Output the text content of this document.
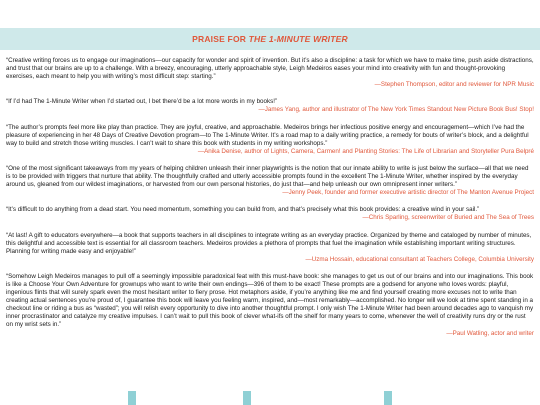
PRAISE FOR
THE 1-MINUTE WRITER

“Creative writing forces us to engage our imaginations—our capacity for wonder and spirit of invention. But it’s also a discipline: a task for which we have to make time, push aside distractions, and trust that our brains are up to a challenge. With a breezy, encouraging, utterly approachable style, Leigh Medeiros eases your mind into creativity with fun and thought-provoking exercises, each meant to help you with writing’s most difficult step: starting.”

—Stephen Thompson, editor and reviewer for NPR Music

“If I’d had The 1-Minute Writer when I’d started out, I bet there’d be a lot more words in my books!”

—James Yang, author and illustrator of The New York Times Standout New Picture Book Bus! Stop!

“The author’s prompts feel more like play than practice. They are joyful, creative, and approachable. Medeiros brings her infectious positive energy and encouragement—which I’ve had the pleasure of experiencing in her 48 Days of Creative Devotion program—to The 1-Minute Writer. It’s a road map to a daily writing practice, a remedy for bouts of writer’s block, and a delightful way to build and stretch those writing muscles. I can’t wait to share this book with students in my writing workshops.”

—Anika Denise, author of Lights, Camera, Carmen! and Planting Stories: The Life of Librarian and Storyteller Pura Belpré

“One of the most significant takeaways from my years of helping children unleash their inner playwrights is the notion that our innate ability to write is just below the surface—all that we need is to be provided with triggers that nurture that ability. The thoughtfully crafted and utterly accessible prompts found in the excellent The 1-Minute Writer, whether inspired by the everyday around us, gleaned from our wildest imaginations, or harvested from our own personal histories, do just that—and help unleash our own omnipresent inner writers.”

—Jenny Peek, founder and former executive artistic director of The Manton Avenue Project

“It’s difficult to do anything from a dead start. You need momentum, something you can build from, and that’s precisely what this book provides: a creative wind in your sail.”

—Chris Sparling, screenwriter of Buried and The Sea of Trees

“At last! A gift to educators everywhere—a book that supports teachers in all disciplines to integrate writing as an everyday practice. Organized by theme and cataloged by number of minutes, this delightful and accessible text is essential for all classroom teachers. Medeiros provides a plethora of prompts that fuel the imagination while establishing important writing structures. Planning for writing made easy and enjoyable!”

—Uzma Hossain, educational consultant at Teachers College, Columbia University

“Somehow Leigh Medeiros manages to pull off a seemingly impossible paradoxical feat with this must-have book: she manages to get us out of our brains and into our imaginations. This book is like a Choose Your Own Adventure for grownups who want to write their own endings—396 of them to be exact! These prompts are a godsend for anyone who loves words: playful, ingenious flints that will surely spark even the most hesitant writer to fiery prose. Hot metaphors aside, if you’re anything like me and find yourself creating more excuses not to write than creating actual sentences you’re proud of, I guarantee this book will leave you feeling warm, inspired, and—most remarkably—accomplished. No longer will we look at time spent standing in a checkout line or riding a bus as “wasted”; you will relish every opportunity to dive into another thoughtful prompt. I only wish The 1-Minute Writer had been around decades ago to vanquish my inner procrastinator and catalyze my creative impulses. I can’t wait to pull this book of clever what-ifs off the shelf for many years to come, whenever the well of creativity runs dry or the rust on my wrist sets in.”

—Paul Watling, actor and writer
